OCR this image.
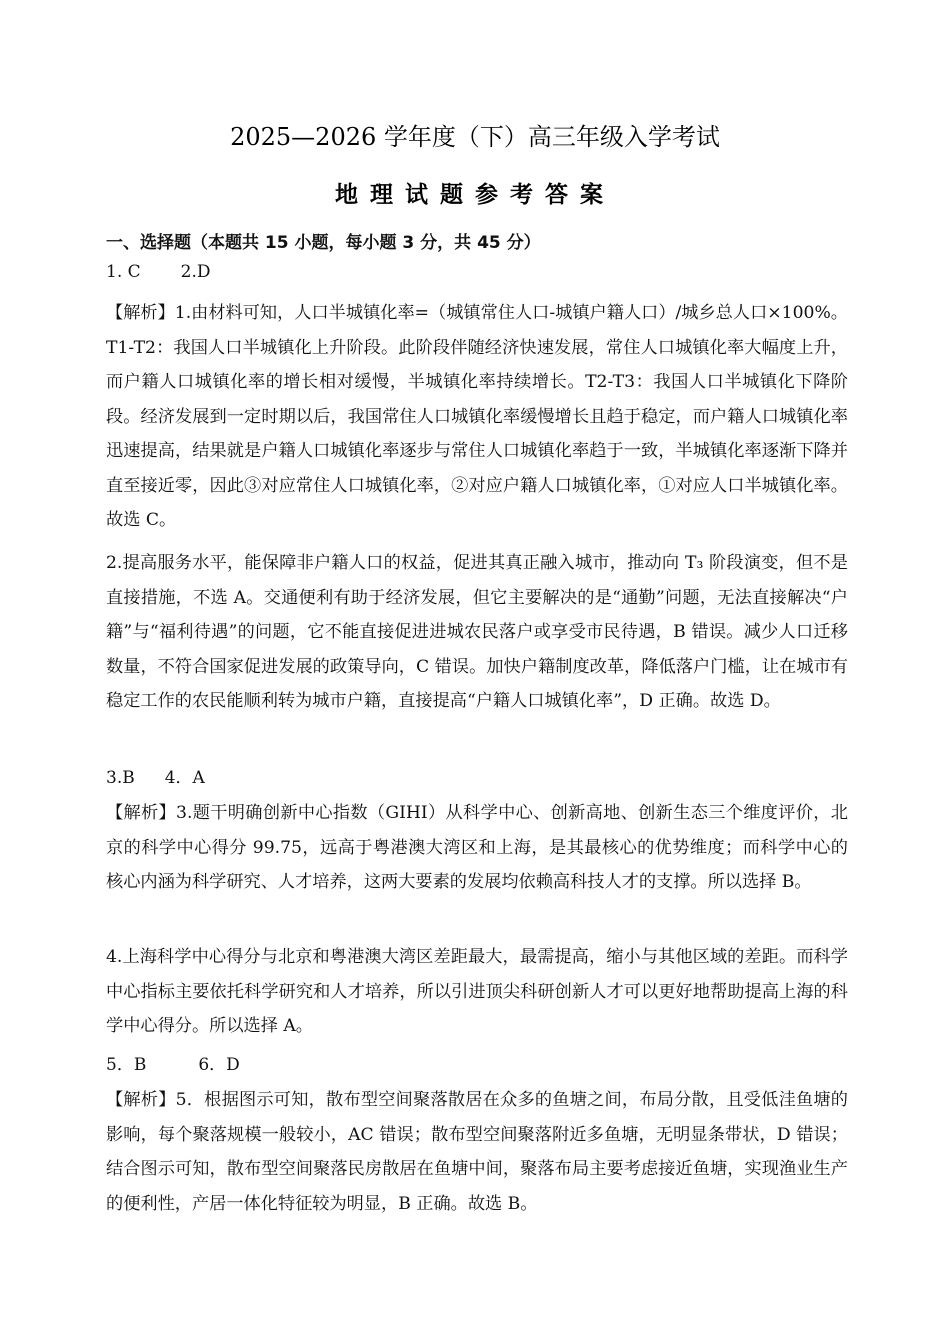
2025—2026 学年度（下）高三年级入学考试
地理试题参考答案
一、选择题（本题共 15 小题，每小题 3 分，共 45 分）
1. C 2.D

【解析】1.由材料可知，人口半城镇化率=（城镇常住人口-城镇户籍人口）/城乡总人口×100%。T1-T2：我国人口半城镇化上升阶段。此阶段伴随经济快速发展，常住人口城镇化率大幅度上升，而户籍人口城镇化率的增长相对缓慢，半城镇化率持续增长。T2-T3：我国人口半城镇化下降阶段。经济发展到一定时期以后，我国常住人口城镇化率缓慢增长且趋于稳定，而户籍人口城镇化率迅速提高，结果就是户籍人口城镇化率逐步与常住人口城镇化率趋于一致，半城镇化率逐渐下降并直至接近零，因此③对应常住人口城镇化率，②对应户籍人口城镇化率，①对应人口半城镇化率。故选 C。

2.提高服务水平，能保障非户籍人口的权益，促进其真正融入城市，推动向 T₃ 阶段演变，但不是直接措施，不选 A。交通便利有助于经济发展，但它主要解决的是“通勤”问题，无法直接解决“户籍”与“福利待遇”的问题，它不能直接促进进城农民落户或享受市民待遇，B 错误。减少人口迁移数量，不符合国家促进发展的政策导向，C 错误。加快户籍制度改革，降低落户门槛，让在城市有稳定工作的农民能顺利转为城市户籍，直接提高“户籍人口城镇化率”，D 正确。故选 D。

3.B 4．A

【解析】3.题干明确创新中心指数（GIHI）从科学中心、创新高地、创新生态三个维度评价，北京的科学中心得分 99.75，远高于粤港澳大湾区和上海，是其最核心的优势维度；而科学中心的核心内涵为科学研究、人才培养，这两大要素的发展均依赖高科技人才的支撑。所以选择 B。

4.上海科学中心得分与北京和粤港澳大湾区差距最大，最需提高，缩小与其他区域的差距。而科学中心指标主要依托科学研究和人才培养，所以引进顶尖科研创新人才可以更好地帮助提高上海的科学中心得分。所以选择 A。

5．B	6．D

【解析】5．根据图示可知，散布型空间聚落散居在众多的鱼塘之间，布局分散，且受低洼鱼塘的影响，每个聚落规模一般较小，AC 错误；散布型空间聚落附近多鱼塘，无明显条带状，D 错误；结合图示可知，散布型空间聚落民房散居在鱼塘中间，聚落布局主要考虑接近鱼塘，实现渔业生产的便利性，产居一体化特征较为明显，B 正确。故选 B。
